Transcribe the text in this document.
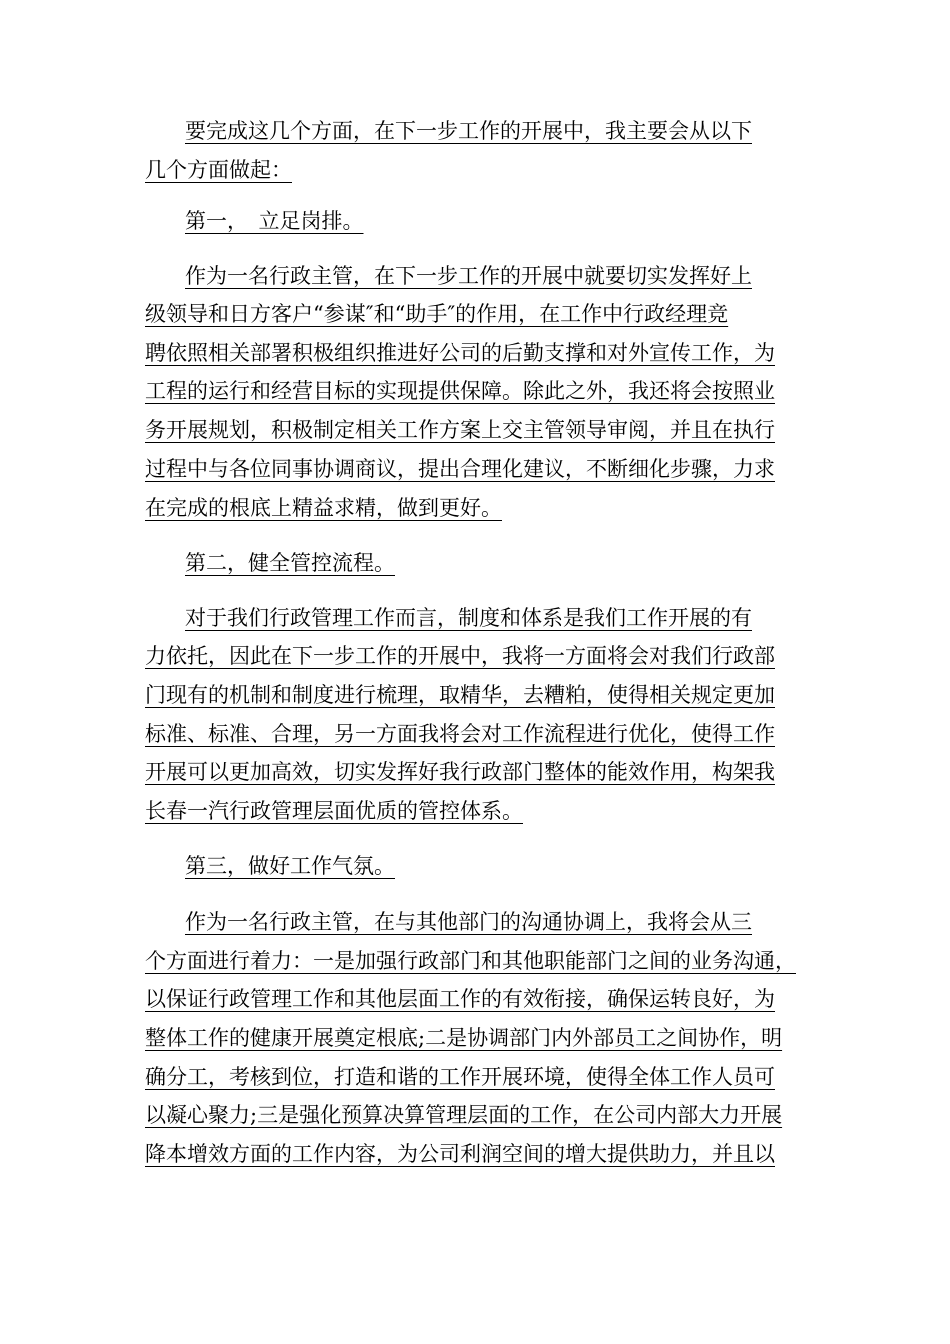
要完成这几个方面，在下一步工作的开展中，我主要会从以下
几个方面做起：
第一，　立足岗排。
作为一名行政主管，在下一步工作的开展中就要切实发挥好上
级领导和日方客户“参谋″和“助手″的作用，在工作中行政经理竞
聘依照相关部署积极组织推进好公司的后勤支撑和对外宣传工作，为
工程的运行和经营目标的实现提供保障。除此之外，我还将会按照业
务开展规划，积极制定相关工作方案上交主管领导审阅，并且在执行
过程中与各位同事协调商议，提出合理化建议，不断细化步骤，力求
在完成的根底上精益求精，做到更好。
第二，健全管控流程。
对于我们行政管理工作而言，制度和体系是我们工作开展的有
力依托，因此在下一步工作的开展中，我将一方面将会对我们行政部
门现有的机制和制度进行梳理，取精华，去糟粕，使得相关规定更加
标准、标准、合理，另一方面我将会对工作流程进行优化，使得工作
开展可以更加高效，切实发挥好我行政部门整体的能效作用，构架我
长春一汽行政管理层面优质的管控体系。
第三，做好工作气氛。
作为一名行政主管，在与其他部门的沟通协调上，我将会从三
个方面进行着力：一是加强行政部门和其他职能部门之间的业务沟通，
以保证行政管理工作和其他层面工作的有效衔接，确保运转良好，为
整体工作的健康开展奠定根底;二是协调部门内外部员工之间协作，明
确分工，考核到位，打造和谐的工作开展环境，使得全体工作人员可
以凝心聚力;三是强化预算决算管理层面的工作，在公司内部大力开展
降本增效方面的工作内容，为公司利润空间的增大提供助力，并且以
